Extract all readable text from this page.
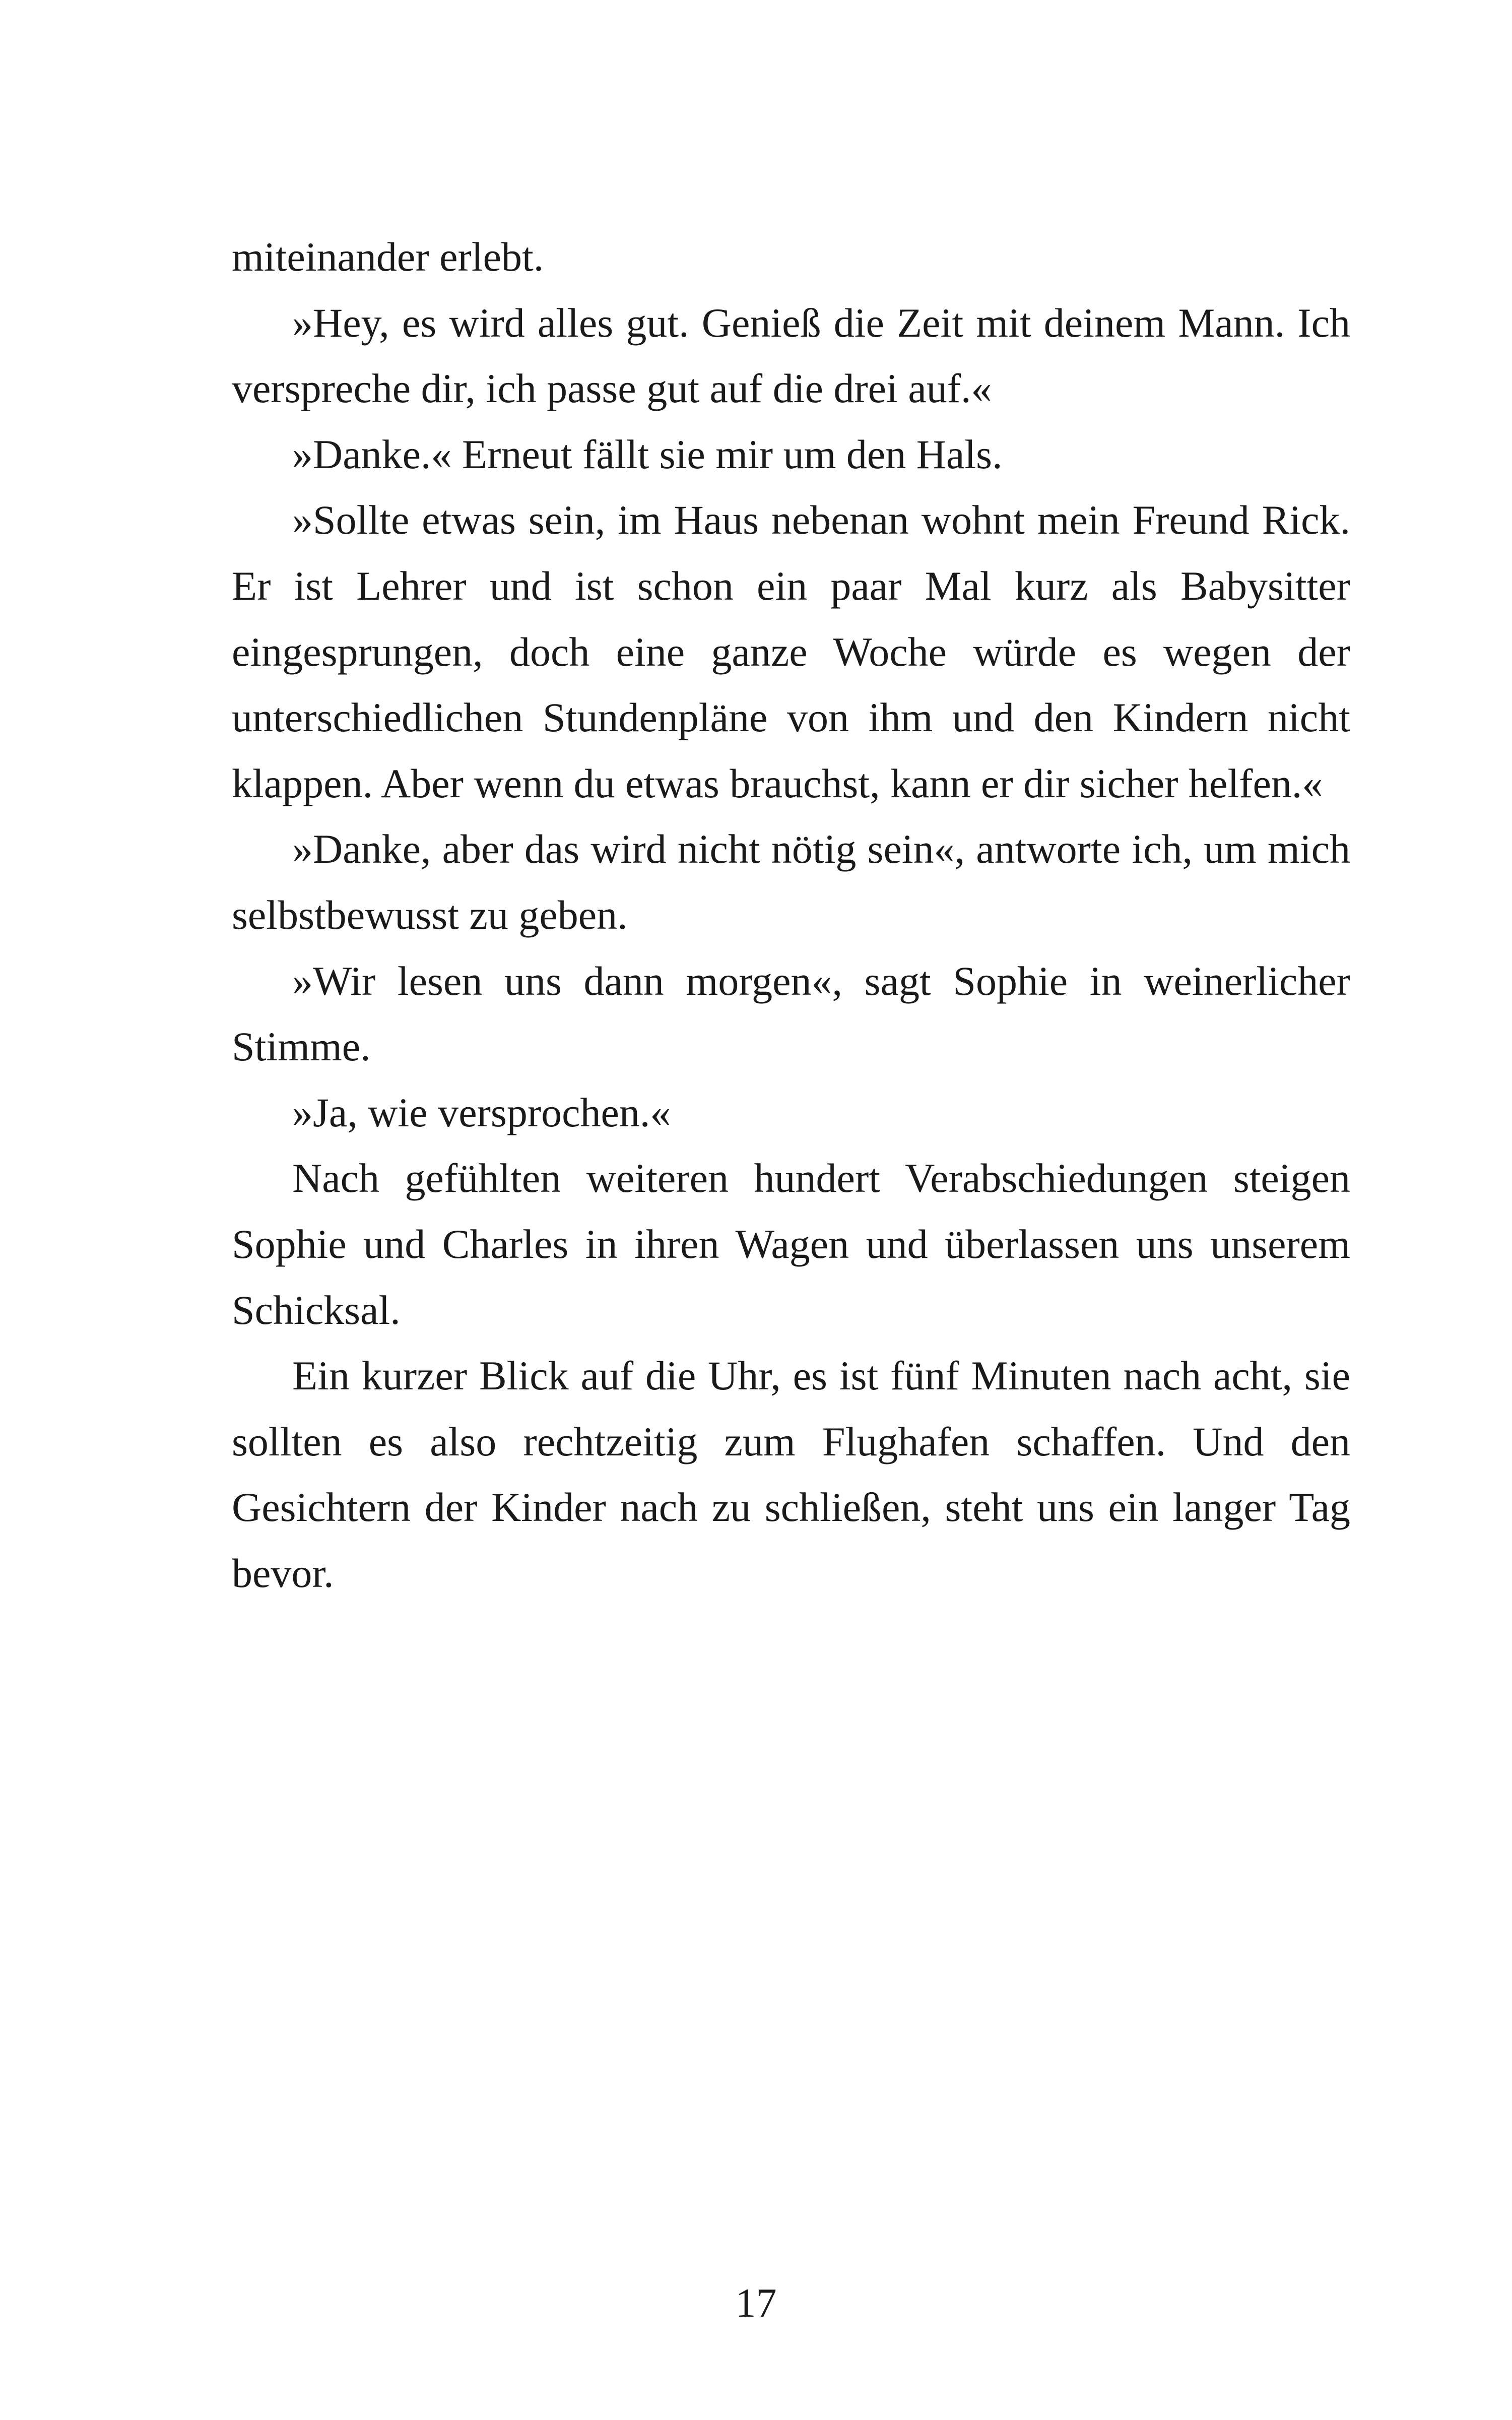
miteinander erlebt.

»Hey, es wird alles gut. Genieß die Zeit mit deinem Mann. Ich verspreche dir, ich passe gut auf die drei auf.«

»Danke.« Erneut fällt sie mir um den Hals.

»Sollte etwas sein, im Haus nebenan wohnt mein Freund Rick. Er ist Lehrer und ist schon ein paar Mal kurz als Babysitter eingesprungen, doch eine ganze Woche würde es wegen der unterschiedlichen Stundenpläne von ihm und den Kindern nicht klappen. Aber wenn du etwas brauchst, kann er dir sicher helfen.«

»Danke, aber das wird nicht nötig sein«, antworte ich, um mich selbstbewusst zu geben.

»Wir lesen uns dann morgen«, sagt Sophie in weinerlicher Stimme.

»Ja, wie versprochen.«

Nach gefühlten weiteren hundert Verabschiedungen steigen Sophie und Charles in ihren Wagen und überlassen uns unserem Schicksal.

Ein kurzer Blick auf die Uhr, es ist fünf Minuten nach acht, sie sollten es also rechtzeitig zum Flughafen schaffen. Und den Gesichtern der Kinder nach zu schließen, steht uns ein langer Tag bevor.

17
